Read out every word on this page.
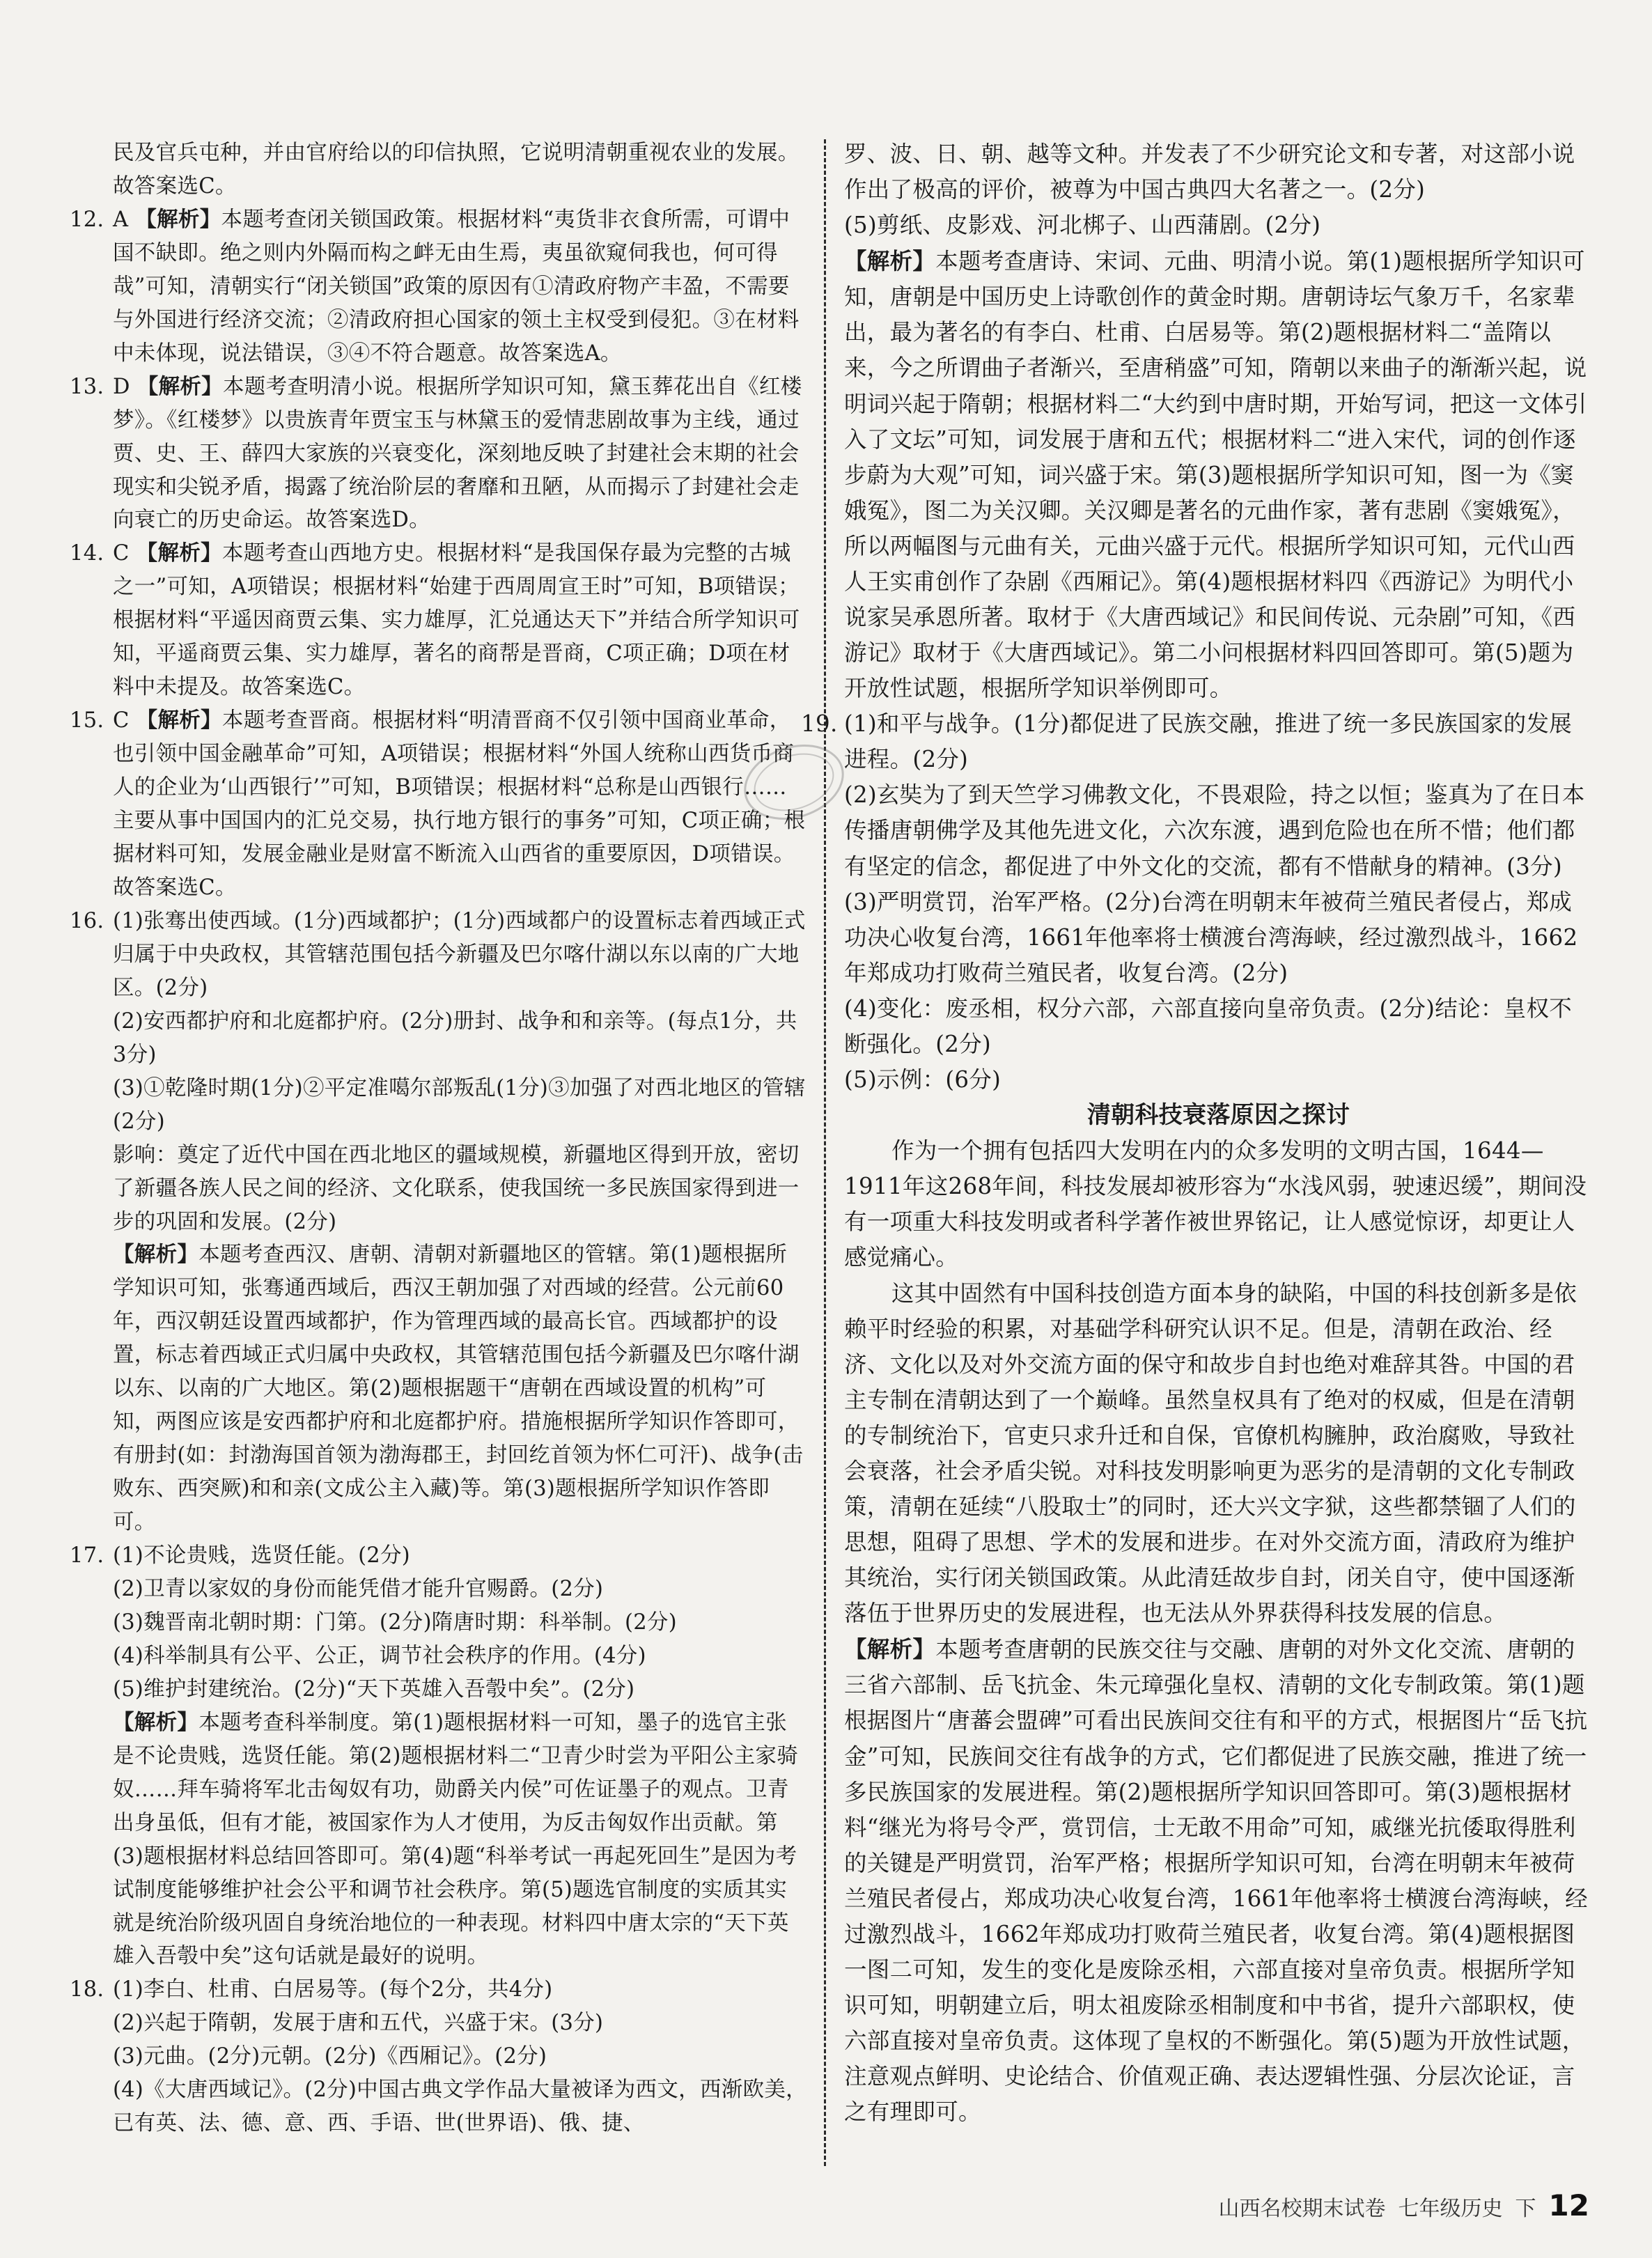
民及官兵屯种，并由官府给以的印信执照，它说明清朝重视农业的发展。故答案选C。
12. A 【解析】本题考查闭关锁国政策。根据材料“夷货非衣食所需，可谓中国不缺即。绝之则内外隔而构之衅无由生焉，夷虽欲窥伺我也，何可得哉”可知，清朝实行“闭关锁国”政策的原因有①清政府物产丰盈，不需要与外国进行经济交流；②清政府担心国家的领土主权受到侵犯。③在材料中未体现，说法错误，③④不符合题意。故答案选A。
13. D 【解析】本题考查明清小说。根据所学知识可知，黛玉葬花出自《红楼梦》。《红楼梦》以贵族青年贾宝玉与林黛玉的爱情悲剧故事为主线，通过贾、史、王、薛四大家族的兴衰变化，深刻地反映了封建社会末期的社会现实和尖锐矛盾，揭露了统治阶层的奢靡和丑陋，从而揭示了封建社会走向衰亡的历史命运。故答案选D。
14. C 【解析】本题考查山西地方史。根据材料“是我国保存最为完整的古城之一”可知，A项错误；根据材料“始建于西周周宣王时”可知，B项错误；根据材料“平遥因商贾云集、实力雄厚，汇兑通达天下”并结合所学知识可知，平遥商贾云集、实力雄厚，著名的商帮是晋商，C项正确；D项在材料中未提及。故答案选C。
15. C 【解析】本题考查晋商。根据材料“明清晋商不仅引领中国商业革命，也引领中国金融革命”可知，A项错误；根据材料“外国人统称山西货币商人的企业为‘山西银行’”可知，B项错误；根据材料“总称是山西银行……主要从事中国国内的汇兑交易，执行地方银行的事务”可知，C项正确；根据材料可知，发展金融业是财富不断流入山西省的重要原因，D项错误。故答案选C。
16. (1)张骞出使西域。(1分)西域都护；(1分)西域都户的设置标志着西域正式归属于中央政权，其管辖范围包括今新疆及巴尔喀什湖以东以南的广大地区。(2分)
(2)安西都护府和北庭都护府。(2分)册封、战争和和亲等。(每点1分，共3分)
(3)①乾隆时期(1分)②平定准噶尔部叛乱(1分)③加强了对西北地区的管辖(2分)
影响：奠定了近代中国在西北地区的疆域规模，新疆地区得到开放，密切了新疆各族人民之间的经济、文化联系，使我国统一多民族国家得到进一步的巩固和发展。(2分)
【解析】本题考查西汉、唐朝、清朝对新疆地区的管辖。第(1)题根据所学知识可知，张骞通西域后，西汉王朝加强了对西域的经营。公元前60年，西汉朝廷设置西域都护，作为管理西域的最高长官。西域都护的设置，标志着西域正式归属中央政权，其管辖范围包括今新疆及巴尔喀什湖以东、以南的广大地区。第(2)题根据题干“唐朝在西域设置的机构”可知，两图应该是安西都护府和北庭都护府。措施根据所学知识作答即可，有册封(如：封渤海国首领为渤海郡王，封回纥首领为怀仁可汗)、战争(击败东、西突厥)和和亲(文成公主入藏)等。第(3)题根据所学知识作答即可。
17. (1)不论贵贱，选贤任能。(2分)
(2)卫青以家奴的身份而能凭借才能升官赐爵。(2分)
(3)魏晋南北朝时期：门第。(2分)隋唐时期：科举制。(2分)
(4)科举制具有公平、公正，调节社会秩序的作用。(4分)
(5)维护封建统治。(2分)“天下英雄入吾彀中矣”。(2分)
【解析】本题考查科举制度。第(1)题根据材料一可知，墨子的选官主张是不论贵贱，选贤任能。第(2)题根据材料二“卫青少时尝为平阳公主家骑奴……拜车骑将军北击匈奴有功，勋爵关内侯”可佐证墨子的观点。卫青出身虽低，但有才能，被国家作为人才使用，为反击匈奴作出贡献。第(3)题根据材料总结回答即可。第(4)题“科举考试一再起死回生”是因为考试制度能够维护社会公平和调节社会秩序。第(5)题选官制度的实质其实就是统治阶级巩固自身统治地位的一种表现。材料四中唐太宗的“天下英雄入吾彀中矣”这句话就是最好的说明。
18. (1)李白、杜甫、白居易等。(每个2分，共4分)
(2)兴起于隋朝，发展于唐和五代，兴盛于宋。(3分)
(3)元曲。(2分)元朝。(2分)《西厢记》。(2分)
(4)《大唐西域记》。(2分)中国古典文学作品大量被译为西文，西渐欧美，已有英、法、德、意、西、手语、世(世界语)、俄、捷、
罗、波、日、朝、越等文种。并发表了不少研究论文和专著，对这部小说作出了极高的评价，被尊为中国古典四大名著之一。(2分)
(5)剪纸、皮影戏、河北梆子、山西蒲剧。(2分)
【解析】本题考查唐诗、宋词、元曲、明清小说。第(1)题根据所学知识可知，唐朝是中国历史上诗歌创作的黄金时期。唐朝诗坛气象万千，名家辈出，最为著名的有李白、杜甫、白居易等。第(2)题根据材料二“盖隋以来，今之所谓曲子者渐兴，至唐稍盛”可知，隋朝以来曲子的渐渐兴起，说明词兴起于隋朝；根据材料二“大约到中唐时期，开始写词，把这一文体引入了文坛”可知，词发展于唐和五代；根据材料二“进入宋代，词的创作逐步蔚为大观”可知，词兴盛于宋。第(3)题根据所学知识可知，图一为《窦娥冤》，图二为关汉卿。关汉卿是著名的元曲作家，著有悲剧《窦娥冤》，所以两幅图与元曲有关，元曲兴盛于元代。根据所学知识可知，元代山西人王实甫创作了杂剧《西厢记》。第(4)题根据材料四《西游记》为明代小说家吴承恩所著。取材于《大唐西域记》和民间传说、元杂剧”可知，《西游记》取材于《大唐西域记》。第二小问根据材料四回答即可。第(5)题为开放性试题，根据所学知识举例即可。
19. (1)和平与战争。(1分)都促进了民族交融，推进了统一多民族国家的发展进程。(2分)
(2)玄奘为了到天竺学习佛教文化，不畏艰险，持之以恒；鉴真为了在日本传播唐朝佛学及其他先进文化，六次东渡，遇到危险也在所不惜；他们都有坚定的信念，都促进了中外文化的交流，都有不惜献身的精神。(3分)
(3)严明赏罚，治军严格。(2分)台湾在明朝末年被荷兰殖民者侵占，郑成功决心收复台湾，1661年他率将士横渡台湾海峡，经过激烈战斗，1662年郑成功打败荷兰殖民者，收复台湾。(2分)
(4)变化：废丞相，权分六部，六部直接向皇帝负责。(2分)结论：皇权不断强化。(2分)
(5)示例：(6分)
清朝科技衰落原因之探讨
作为一个拥有包括四大发明在内的众多发明的文明古国，1644—1911年这268年间，科技发展却被形容为“水浅风弱，驶速迟缓”，期间没有一项重大科技发明或者科学著作被世界铭记，让人感觉惊讶，却更让人感觉痛心。
这其中固然有中国科技创造方面本身的缺陷，中国的科技创新多是依赖平时经验的积累，对基础学科研究认识不足。但是，清朝在政治、经济、文化以及对外交流方面的保守和故步自封也绝对难辞其咎。中国的君主专制在清朝达到了一个巅峰。虽然皇权具有了绝对的权威，但是在清朝的专制统治下，官吏只求升迁和自保，官僚机构臃肿，政治腐败，导致社会衰落，社会矛盾尖锐。对科技发明影响更为恶劣的是清朝的文化专制政策，清朝在延续“八股取士”的同时，还大兴文字狱，这些都禁锢了人们的思想，阻碍了思想、学术的发展和进步。在对外交流方面，清政府为维护其统治，实行闭关锁国政策。从此清廷故步自封，闭关自守，使中国逐渐落伍于世界历史的发展进程，也无法从外界获得科技发展的信息。
【解析】本题考查唐朝的民族交往与交融、唐朝的对外文化交流、唐朝的三省六部制、岳飞抗金、朱元璋强化皇权、清朝的文化专制政策。第(1)题根据图片“唐蕃会盟碑”可看出民族间交往有和平的方式，根据图片“岳飞抗金”可知，民族间交往有战争的方式，它们都促进了民族交融，推进了统一多民族国家的发展进程。第(2)题根据所学知识回答即可。第(3)题根据材料“继光为将号令严，赏罚信，士无敢不用命”可知，戚继光抗倭取得胜利的关键是严明赏罚，治军严格；根据所学知识可知，台湾在明朝末年被荷兰殖民者侵占，郑成功决心收复台湾，1661年他率将士横渡台湾海峡，经过激烈战斗，1662年郑成功打败荷兰殖民者，收复台湾。第(4)题根据图一图二可知，发生的变化是废除丞相，六部直接对皇帝负责。根据所学知识可知，明朝建立后，明太祖废除丞相制度和中书省，提升六部职权，使六部直接对皇帝负责。这体现了皇权的不断强化。第(5)题为开放性试题，注意观点鲜明、史论结合、价值观正确、表达逻辑性强、分层次论证，言之有理即可。
山西名校期末试卷 七年级历史 下 12
